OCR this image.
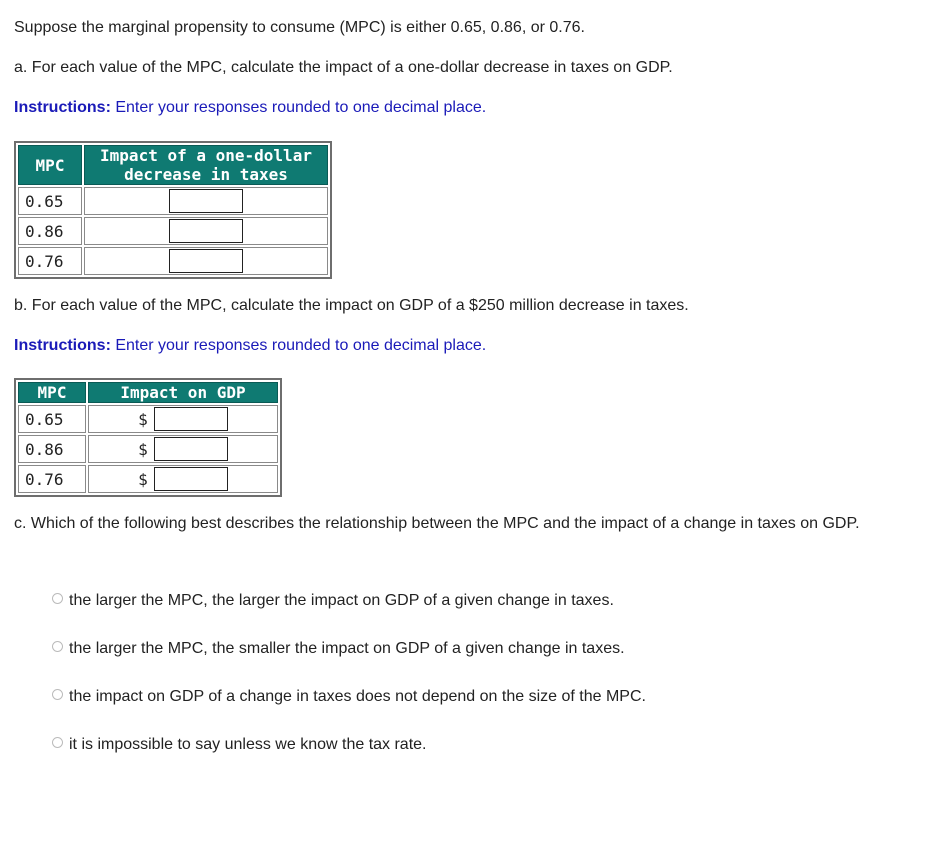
Suppose the marginal propensity to consume (MPC) is either 0.65, 0.86, or 0.76.

a. For each value of the MPC, calculate the impact of a one-dollar decrease in taxes on GDP.

Instructions: Enter your responses rounded to one decimal place.

MPC	Impact of a one-dollar
decrease in taxes

0.65	
0.86	
0.76	

b. For each value of the MPC, calculate the impact on GDP of a $250 million decrease in taxes.

Instructions: Enter your responses rounded to one decimal place.

MPC	Impact on GDP
0.65	$
0.86	$
0.76	$

c. Which of the following best describes the relationship between the MPC and the impact of a change in taxes on GDP.

the larger the MPC, the larger the impact on GDP of a given change in taxes.
the larger the MPC, the smaller the impact on GDP of a given change in taxes.
the impact on GDP of a change in taxes does not depend on the size of the MPC.
it is impossible to say unless we know the tax rate.
